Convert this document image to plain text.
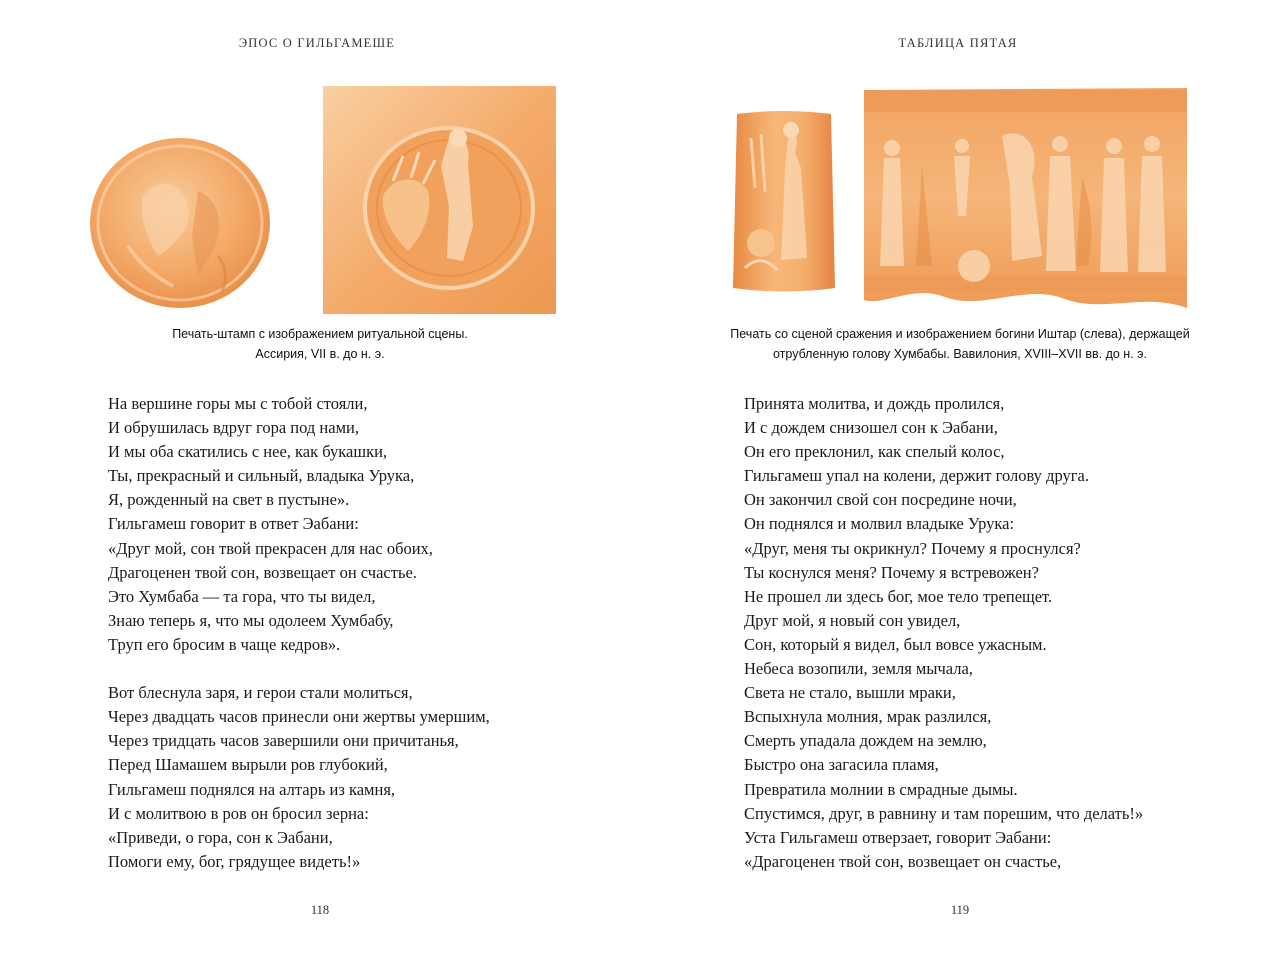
ЭПОС О ГИЛЬГАМЕШЕ
Печать-штамп с изображением ритуальной сцены.
Ассирия, VII в. до н. э.
На вершине горы мы с тобой стояли,
И обрушилась вдруг гора под нами,
И мы оба скатились с нее, как букашки,
Ты, прекрасный и сильный, владыка Урука,
Я, рожденный на свет в пустыне».
Гильгамеш говорит в ответ Эабани:
«Друг мой, сон твой прекрасен для нас обоих,
Драгоценен твой сон, возвещает он счастье.
Это Хумбаба — та гора, что ты видел,
Знаю теперь я, что мы одолеем Хумбабу,
Труп его бросим в чаще кедров».
Вот блеснула заря, и герои стали молиться,
Через двадцать часов принесли они жертвы умершим,
Через тридцать часов завершили они причитанья,
Перед Шамашем вырыли ров глубокий,
Гильгамеш поднялся на алтарь из камня,
И с молитвою в ров он бросил зерна:
«Приведи, о гора, сон к Эабани,
Помоги ему, бог, грядущее видеть!»
118
ТАБЛИЦА ПЯТАЯ
Печать со сценой сражения и изображением богини Иштар (слева), держащей
отрубленную голову Хумбабы. Вавилония, XVIII–XVII вв. до н. э.
Принята молитва, и дождь пролился,
И с дождем снизошел сон к Эабани,
Он его преклонил, как спелый колос,
Гильгамеш упал на колени, держит голову друга.
Он закончил свой сон посредине ночи,
Он поднялся и молвил владыке Урука:
«Друг, меня ты окрикнул? Почему я проснулся?
Ты коснулся меня? Почему я встревожен?
Не прошел ли здесь бог, мое тело трепещет.
Друг мой, я новый сон увидел,
Сон, который я видел, был вовсе ужасным.
Небеса возопили, земля мычала,
Света не стало, вышли мраки,
Вспыхнула молния, мрак разлился,
Смерть упадала дождем на землю,
Быстро она загасила пламя,
Превратила молнии в смрадные дымы.
Спустимся, друг, в равнину и там порешим, что делать!»
Уста Гильгамеш отверзает, говорит Эабани:
«Драгоценен твой сон, возвещает он счастье,
119
